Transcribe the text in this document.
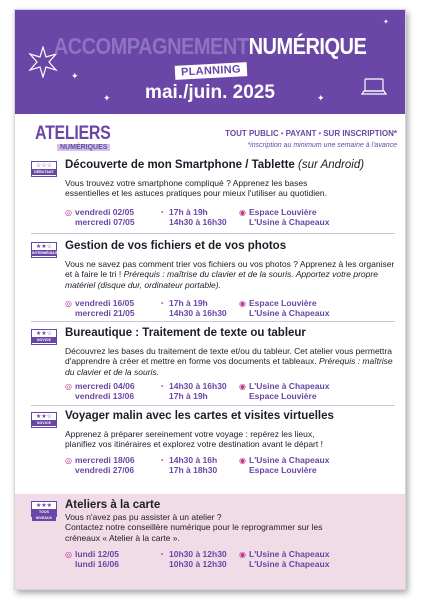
✦
✦	✦
✦
ACCOMPAGNEMENTNUMÉRIQUE
PLANNING
mai./juin. 2025
ATELIERS
NUMÉRIQUES
TOUT PUBLIC • PAYANT • SUR INSCRIPTION*
*inscription au minimum une semaine à l'avance
☆☆☆
DÉBUTANT
Découverte de mon Smartphone / Tablette (sur Android)
Vous trouvez votre smartphone compliqué ? Apprenez les bases
essentielles et les astuces pratiques pour mieux l'utiliser au quotidien.
◎ vendredi 02/05	◔ 17h à 19h	◉ Espace Louvière
mercredi 07/05	14h30 à 16h30	L'Usine à Chapeaux
★★☆
INTERMÉDIAIRE
Gestion de vos fichiers et de vos photos
Vous ne savez pas comment trier vos fichiers ou vos photos ? Apprenez à les organiser et à faire le tri ! Prérequis : maîtrise du clavier et de la souris. Apportez votre propre matériel (disque dur, ordinateur portable).
◎ vendredi 16/05	◔ 17h à 19h	◉ Espace Louvière
mercredi 21/05	14h30 à 16h30	L'Usine à Chapeaux
★★☆
NOVICE
Bureautique : Traitement de texte ou tableur
Découvrez les bases du traitement de texte et/ou du tableur. Cet atelier vous permettra d'apprendre à créer et mettre en forme vos documents et tableaux. Prérequis : maîtrise du clavier et de la souris.
◎ mercredi 04/06	◔ 14h30 à 16h30 ◉ L'Usine à Chapeaux
vendredi 13/06	17h à 19h	Espace Louvière
★★☆
NOVICE
Voyager malin avec les cartes et visites virtuelles
Apprenez à préparer sereinement votre voyage : repérez les lieux,
planifiez vos itinéraires et explorez votre destination avant le départ !
◎ mercredi 18/06	◔ 14h30 à 16h	◉ L'Usine à Chapeaux
vendredi 27/06	17h à 18h30	Espace Louvière
★★★
TOUS NIVEAUX
Ateliers à la carte
Vous n'avez pas pu assister à un atelier ?
Contactez notre conseillère numérique pour le reprogrammer sur les
créneaux « Atelier à la carte ».
◎ lundi 12/05	◔ 10h30 à 12h30 ◉ L'Usine à Chapeaux
lundi 16/06	10h30 à 12h30	L'Usine à Chapeaux
